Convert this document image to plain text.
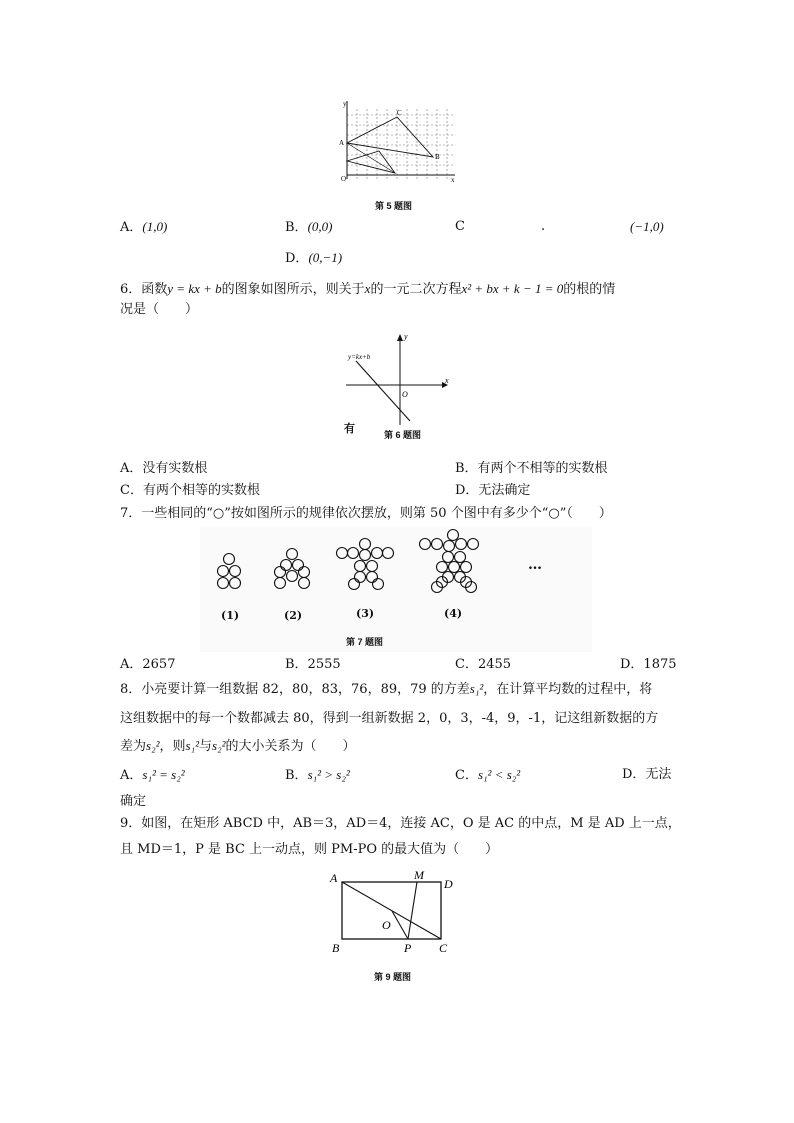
y
x
O
A
B
C
第 5 题图
A．(1,0)	B．(0,0)	C	.	(−1,0)
D．(0,−1)
6．函数y = kx + b的图象如图所示，则关于x的一元二次方程x² + bx + k − 1 = 0的根的情
况是（　　）
y=kx+b
y
x
O
有	第 6 题图
A．没有实数根	B．有两个不相等的实数根
C．有两个相等的实数根	D．无法确定
7．一些相同的“○”按如图所示的规律依次摆放，则第 50 个图中有多少个“○”（　　）
(1)	(2)	(3)	(4)
…
第 7 题图
A．2657	B．2555	C．2455	D．1875
8．小亮要计算一组数据 82，80，83，76，89，79 的方差s₁²，在计算平均数的过程中，将
这组数据中的每一个数都减去 80，得到一组新数据 2，0，3，-4，9，-1，记这组新数据的方
差为s₂²，则s₁²与s₂²的大小关系为（　　）
A．s₁² = s₂²	B．s₁² > s₂²	C．s₁² < s₂²	D．无法
确定
9．如图，在矩形 ABCD 中，AB＝3，AD＝4，连接 AC，O 是 AC 的中点，M 是 AD 上一点，
且 MD＝1，P 是 BC 上一动点，则 PM-PO 的最大值为（　　）
A	M
D
O
B	P C
第 9 题图
